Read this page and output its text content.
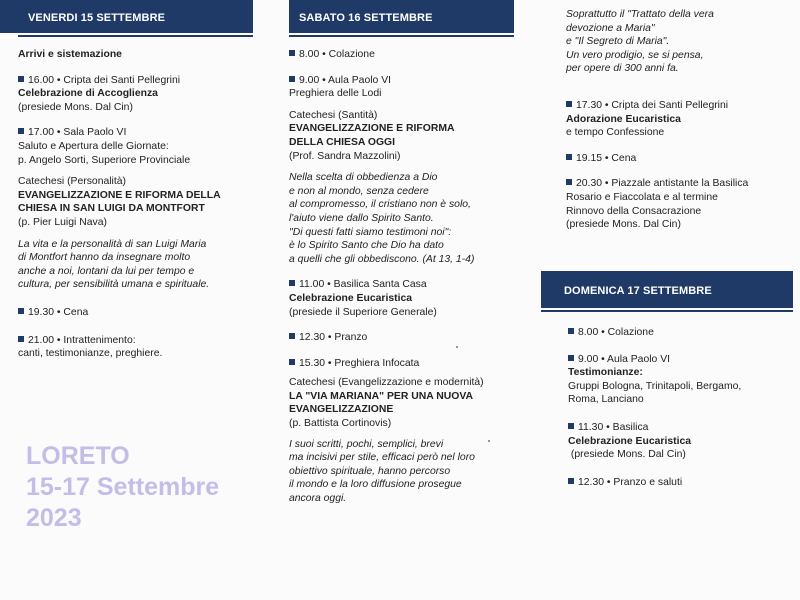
VENERDI 15 SETTEMBRE

Arrivi e sistemazione

16.00 • Cripta dei Santi Pellegrini

Celebrazione di Accoglienza

(presiede Mons. Dal Cin)

17.00 • Sala Paolo VI

Saluto e Apertura delle Giornate:

p. Angelo Sorti, Superiore Provinciale

Catechesi (Personalità)

EVANGELIZZAZIONE E RIFORMA DELLA

CHIESA IN SAN LUIGI DA MONTFORT

(p. Pier Luigi Nava)

La vita e la personalità di san Luigi Maria

di Montfort hanno da insegnare molto

anche a noi, lontani da lui per tempo e

cultura, per sensibilità umana e spirituale.

19.30 • Cena
21.00 • Intrattenimento:

canti, testimonianze, preghiere.

LORETO
15-17 Settembre
2023
SABATO 16 SETTEMBRE
8.00 • Colazione
9.00 • Aula Paolo VI

Preghiera delle Lodi

Catechesi (Santità)

EVANGELIZZAZIONE E RIFORMA

DELLA CHIESA OGGI

(Prof. Sandra Mazzolini)

Nella scelta di obbedienza a Dio

e non al mondo, senza cedere

al compromesso, il cristiano non è solo,

l'aiuto viene dallo Spirito Santo.

"Di questi fatti siamo testimoni noi":

è lo Spirito Santo che Dio ha dato

a quelli che gli obbediscono. (At 13, 1-4)

11.00 • Basilica Santa Casa

Celebrazione Eucaristica

(presiede il Superiore Generale)

12.30 • Pranzo
15.30 • Preghiera Infocata

Catechesi (Evangelizzazione e modernità)

LA "VIA MARIANA" PER UNA NUOVA

EVANGELIZZAZIONE

(p. Battista Cortinovis)

I suoi scritti, pochi, semplici, brevi

ma incisivi per stile, efficaci però nel loro

obiettivo spirituale, hanno percorso

il mondo e la loro diffusione prosegue

ancora oggi.

Soprattutto il "Trattato della vera

devozione a Maria"

e "Il Segreto di Maria".

Un vero prodigio, se si pensa,

per opere di 300 anni fa.

17.30 • Cripta dei Santi Pellegrini

Adorazione Eucaristica

e tempo Confessione

19.15 • Cena
20.30 • Piazzale antistante la Basilica

Rosario e Fiaccolata e al termine

Rinnovo della Consacrazione

(presiede Mons. Dal Cin)

DOMENICA 17 SETTEMBRE
8.00 • Colazione
9.00 • Aula Paolo VI

Testimonianze:

Gruppi Bologna, Trinitapoli, Bergamo,

Roma, Lanciano

11.30 • Basilica

Celebrazione Eucaristica

(presiede Mons. Dal Cin)

12.30 • Pranzo e saluti
